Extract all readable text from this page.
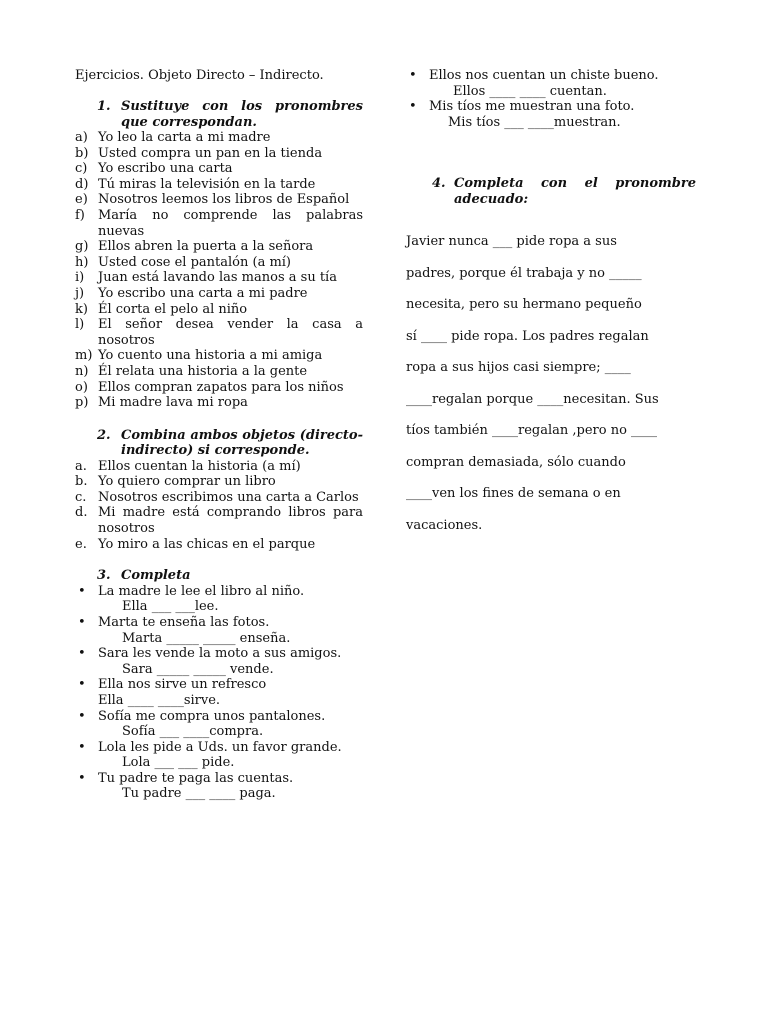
Ejercicios. Objeto Directo – Indirecto.
1. Sustituye con los pronombres que correspondan.
a) Yo leo la carta a mi madre
b) Usted compra un pan en la tienda
c) Yo escribo una carta
d) Tú miras la televisión en la tarde
e) Nosotros leemos los libros de Español
f)	María no comprende las palabras nuevas
g) Ellos abren la puerta a la señora
h) Usted cose el pantalón (a mí)
i)	Juan está lavando las manos a su tía
j)	Yo escribo una carta a mi padre
k) Él corta el pelo al niño
l)	El señor desea vender la casa a nosotros
m) Yo cuento una historia a mi amiga
n) Él relata una historia a la gente
o) Ellos compran zapatos para los niños
p) Mi madre lava mi ropa
2. Combina ambos objetos (directo-indirecto) si corresponde.
a. Ellos cuentan la historia (a mí)
b. Yo quiero comprar un libro
c. Nosotros escribimos una carta a Carlos
d. Mi madre está comprando libros para nosotros
e. Yo miro a las chicas en el parque
3. Completa
• La madre le lee el libro al niño.
Ella ___ ___lee.
• Marta te enseña las fotos.
Marta _____ _____ enseña.
• Sara les vende la moto a sus amigos.
Sara _____ _____ vende.
• Ella nos sirve un refresco
Ella ____ ____sirve.
• Sofía me compra unos pantalones.
Sofía ___ ____compra.
• Lola les pide a Uds. un favor grande.
Lola ___ ___ pide.
• Tu padre te paga las cuentas.
Tu padre ___ ____ paga.
• Ellos nos cuentan un chiste bueno.
Ellos ____ ____ cuentan.
• Mis tíos me muestran una foto.
Mis tíos ___ ____muestran.
4. Completa con el pronombre adecuado:
Javier nunca ___ pide ropa a sus
padres, porque él trabaja y no _____
necesita, pero su hermano pequeño
sí ____ pide ropa. Los padres regalan
ropa a sus hijos casi siempre; ____
____regalan porque ____necesitan. Sus
tíos también ____regalan ,pero no ____
compran demasiada, sólo cuando
____ven los fines de semana o en
vacaciones.
